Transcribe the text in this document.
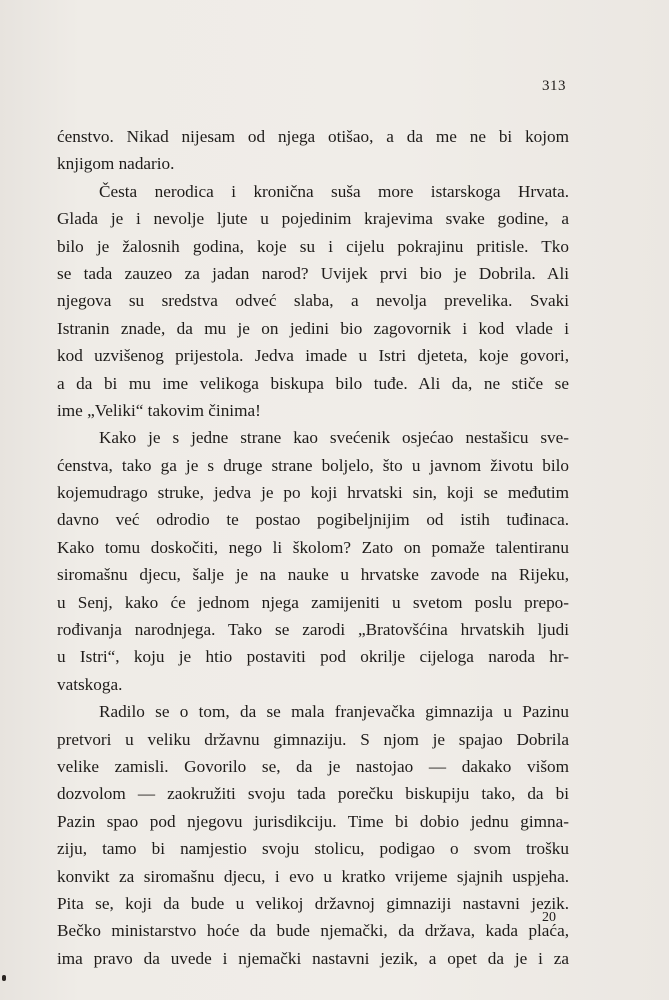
313
ćenstvo. Nikad nijesam od njega otišao, a da me ne bi kojom
knjigom nadario.
Česta nerodica i kronična suša more istarskoga Hrvata.
Glada je i nevolje ljute u pojedinim krajevima svake godine, a
bilo je žalosnih godina, koje su i cijelu pokrajinu pritisle. Tko
se tada zauzeo za jadan narod? Uvijek prvi bio je Dobrila. Ali
njegova su sredstva odveć slaba, a nevolja prevelika. Svaki
Istranin znade, da mu je on jedini bio zagovornik i kod vlade i
kod uzvišenog prijestola. Jedva imade u Istri djeteta, koje govori,
a da bi mu ime velikoga biskupa bilo tuđe. Ali da, ne stiče se
ime „Veliki“ takovim činima!
Kako je s jedne strane kao svećenik osjećao nestašicu sve-
ćenstva, tako ga je s druge strane boljelo, što u javnom životu bilo
kojemudrago struke, jedva je po koji hrvatski sin, koji se međutim
davno već odrodio te postao pogibeljnijim od istih tuđinaca.
Kako tomu doskočiti, nego li školom? Zato on pomaže talentiranu
siromašnu djecu, šalje je na nauke u hrvatske zavode na Rijeku,
u Senj, kako će jednom njega zamijeniti u svetom poslu prepo-
rođivanja narodnjega. Tako se zarodi „Bratovšćina hrvatskih ljudi
u Istri“, koju je htio postaviti pod okrilje cijeloga naroda hr-
vatskoga.
Radilo se o tom, da se mala franjevačka gimnazija u Pazinu
pretvori u veliku državnu gimnaziju. S njom je spajao Dobrila
velike zamisli. Govorilo se, da je nastojao — dakako višom
dozvolom — zaokružiti svoju tada porečku biskupiju tako, da bi
Pazin spao pod njegovu jurisdikciju. Time bi dobio jednu gimna-
ziju, tamo bi namjestio svoju stolicu, podigao o svom trošku
konvikt za siromašnu djecu, i evo u kratko vrijeme sjajnih uspjeha.
Pita se, koji da bude u velikoj državnoj gimnaziji nastavni jezik.
Bečko ministarstvo hoće da bude njemački, da država, kada plaća,
ima pravo da uvede i njemački nastavni jezik, a opet da je i za
20
